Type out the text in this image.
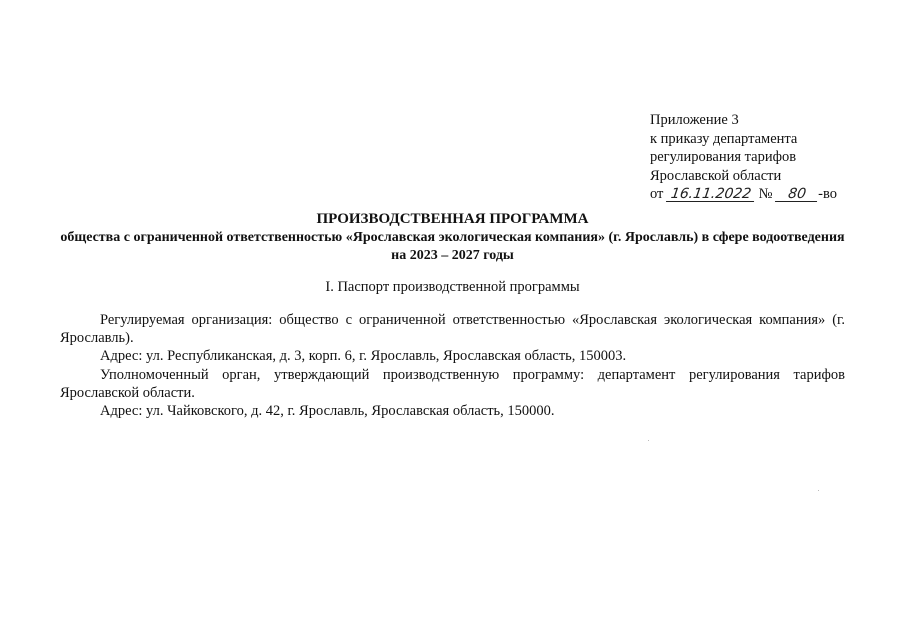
Приложение 3
к приказу департамента
регулирования тарифов
Ярославской области
от 16.11.2022 № 80 -во
ПРОИЗВОДСТВЕННАЯ ПРОГРАММА
общества с ограниченной ответственностью «Ярославская экологическая компания» (г. Ярославль) в сфере водоотведения на 2023 – 2027 годы
I. Паспорт производственной программы

Регулируемая организация: общество с ограниченной ответственностью «Ярославская экологическая компания» (г. Ярославль).

Адрес: ул. Республиканская, д. 3, корп. 6, г. Ярославль, Ярославская область, 150003.

Уполномоченный орган, утверждающий производственную программу: департамент регулирования тарифов Ярославской области.

Адрес: ул. Чайковского, д. 42, г. Ярославль, Ярославская область, 150000.
